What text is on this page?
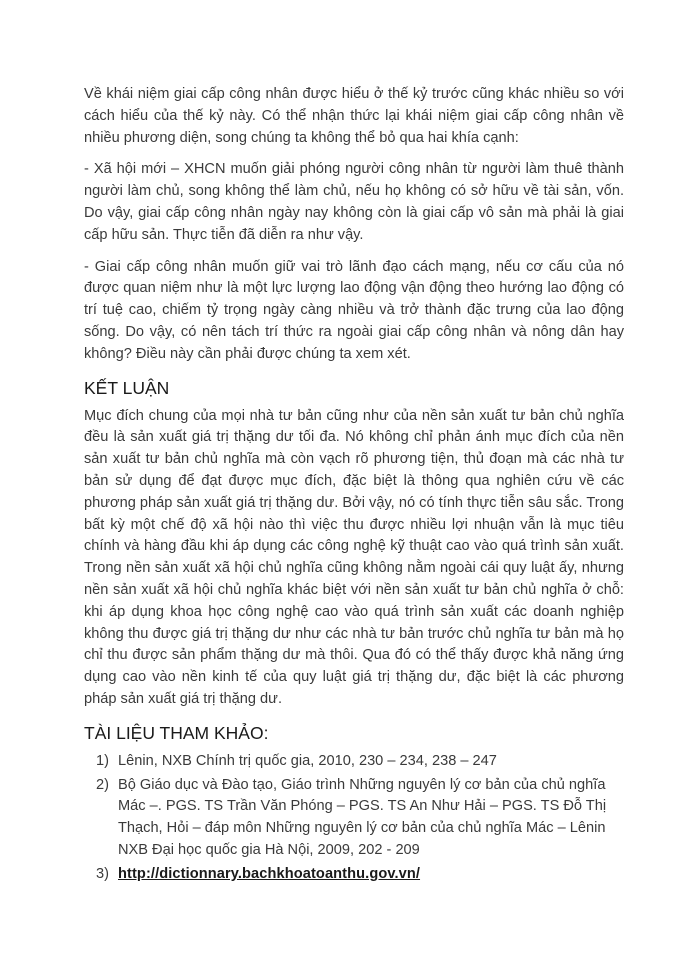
Về khái niệm giai cấp công nhân được hiểu ở thế kỷ trước cũng khác nhiều so với cách hiểu của thế kỷ này. Có thể nhận thức lại khái niệm giai cấp công nhân về nhiều phương diện, song chúng ta không thể bỏ qua hai khía cạnh:

- Xã hội mới – XHCN muốn giải phóng người công nhân từ người làm thuê thành người làm chủ, song không thể làm chủ, nếu họ không có sở hữu về tài sản, vốn. Do vậy, giai cấp công nhân ngày nay không còn là giai cấp vô sản mà phải là giai cấp hữu sản. Thực tiễn đã diễn ra như vậy.

- Giai cấp công nhân muốn giữ vai trò lãnh đạo cách mạng, nếu cơ cấu của nó được quan niệm như là một lực lượng lao động vận động theo hướng lao động có trí tuệ cao, chiếm tỷ trọng ngày càng nhiều và trở thành đặc trưng của lao động sống. Do vậy, có nên tách trí thức ra ngoài giai cấp công nhân và nông dân hay không? Điều này cần phải được chúng ta xem xét.

KẾT LUẬN

Mục đích chung của mọi nhà tư bản cũng như của nền sản xuất tư bản chủ nghĩa đều là sản xuất giá trị thặng dư tối đa. Nó không chỉ phản ánh mục đích của nền sản xuất tư bản chủ nghĩa mà còn vạch rõ phương tiện, thủ đoạn mà các nhà tư bản sử dụng để đạt được mục đích, đặc biệt là thông qua nghiên cứu về các phương pháp sản xuất giá trị thặng dư. Bởi vậy, nó có tính thực tiễn sâu sắc. Trong bất kỳ một chế độ xã hội nào thì việc thu được nhiều lợi nhuận vẫn là mục tiêu chính và hàng đầu khi áp dụng các công nghệ kỹ thuật cao vào quá trình sản xuất. Trong nền sản xuất xã hội chủ nghĩa cũng không nằm ngoài cái quy luật ấy, nhưng nền sản xuất xã hội chủ nghĩa khác biệt với nền sản xuất tư bản chủ nghĩa ở chỗ: khi áp dụng khoa học công nghệ cao vào quá trình sản xuất các doanh nghiệp không thu được giá trị thặng dư như các nhà tư bản trước chủ nghĩa tư bản mà họ chỉ thu được sản phẩm thặng dư mà thôi. Qua đó có thể thấy được khả năng ứng dụng cao vào nền kinh tế của quy luật giá trị thặng dư, đặc biệt là các phương pháp sản xuất giá trị thặng dư.

TÀI LIỆU THAM KHẢO:
1) Lênin, NXB Chính trị quốc gia, 2010, 230 – 234, 238 – 247
2) Bộ Giáo dục và Đào tạo, Giáo trình Những nguyên lý cơ bản của chủ nghĩa Mác –. PGS. TS Trần Văn Phóng – PGS. TS An Như Hải – PGS. TS Đỗ Thị Thạch, Hỏi – đáp môn Những nguyên lý cơ bản của chủ nghĩa Mác – Lênin NXB Đại học quốc gia Hà Nội, 2009, 202 - 209
3) http://dictionnary.bachkhoatoanthu.gov.vn/
